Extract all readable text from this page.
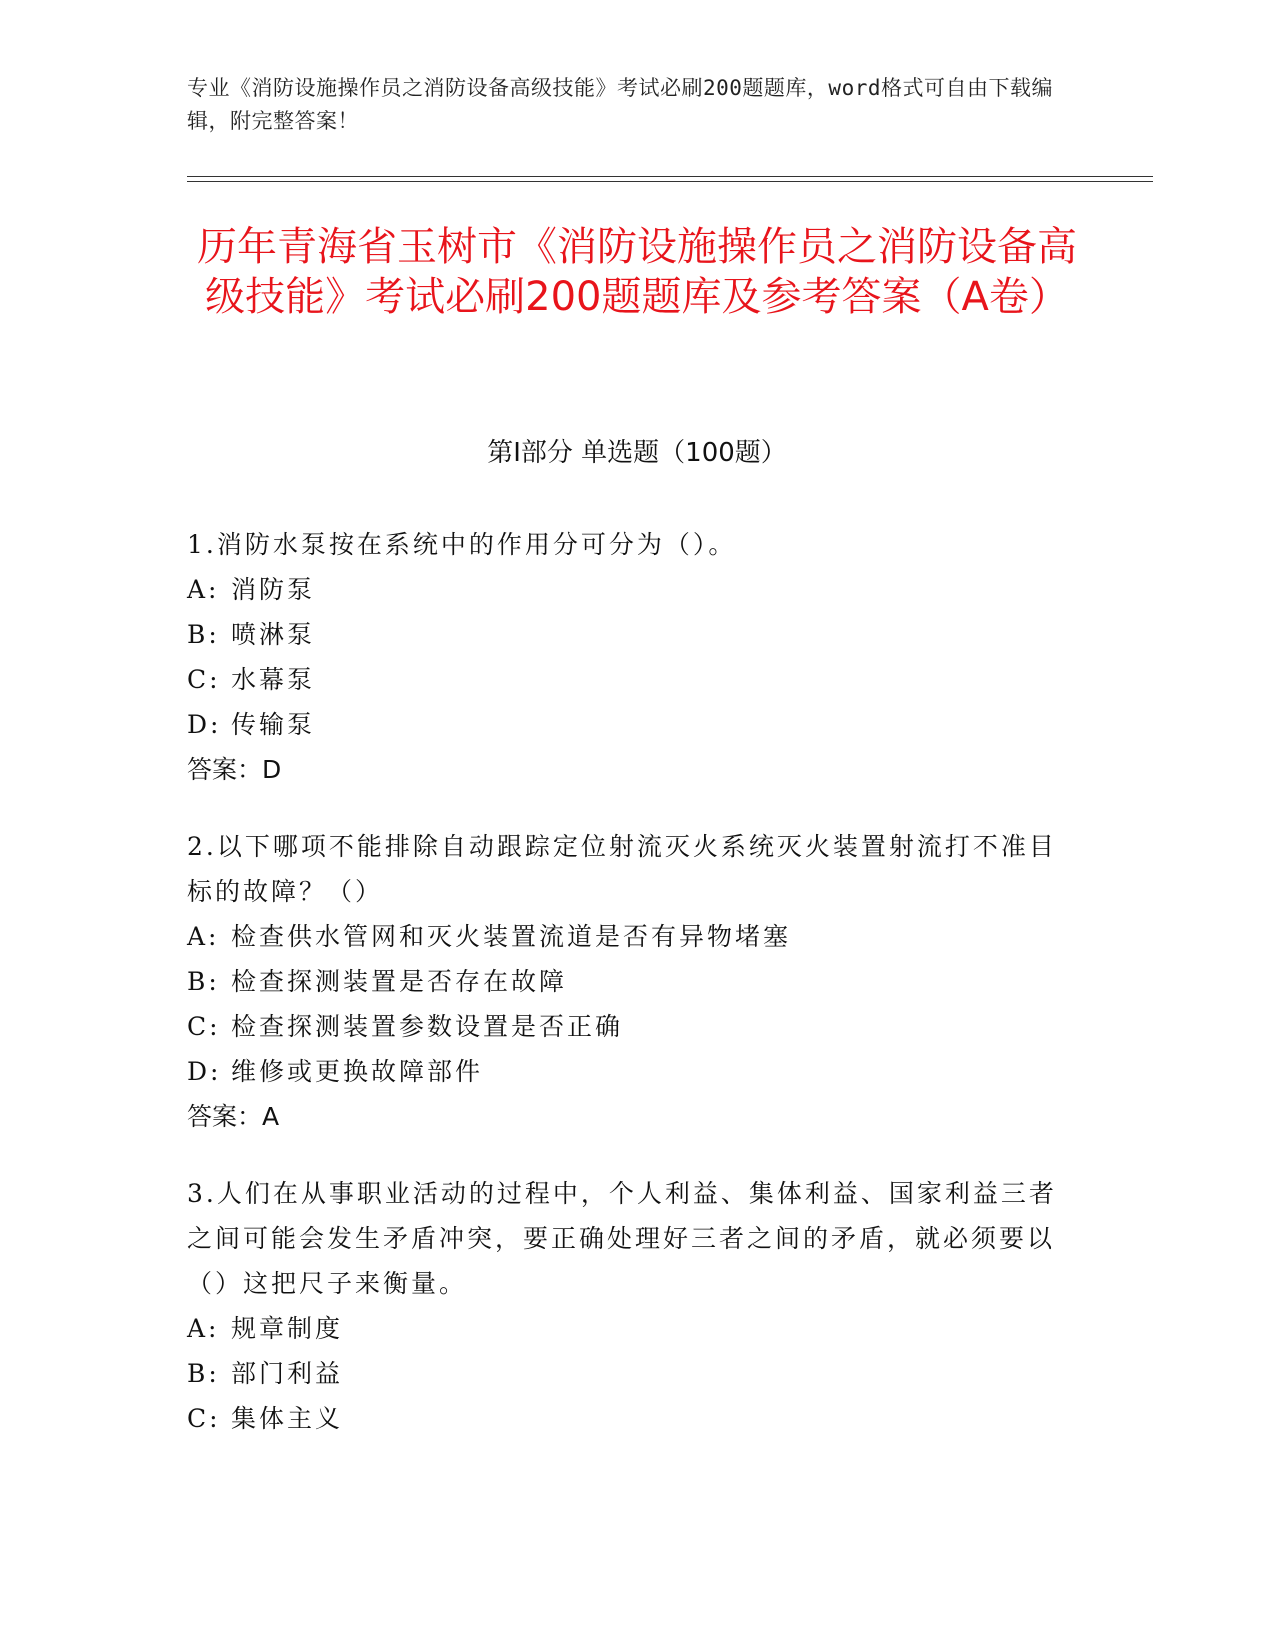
专业《消防设施操作员之消防设备高级技能》考试必刷200题题库，word格式可自由下载编辑，附完整答案！
历年青海省玉树市《消防设施操作员之消防设备高级技能》考试必刷200题题库及参考答案（A卷）
第I部分 单选题（100题）
1.消防水泵按在系统中的作用分可分为（）。
A: 消防泵
B: 喷淋泵
C: 水幕泵
D: 传输泵
答案：D
2.以下哪项不能排除自动跟踪定位射流灭火系统灭火装置射流打不准目标的故障？（）
A: 检查供水管网和灭火装置流道是否有异物堵塞
B: 检查探测装置是否存在故障
C: 检查探测装置参数设置是否正确
D: 维修或更换故障部件
答案：A
3.人们在从事职业活动的过程中，个人利益、集体利益、国家利益三者之间可能会发生矛盾冲突，要正确处理好三者之间的矛盾，就必须要以（）这把尺子来衡量。
A: 规章制度
B: 部门利益
C: 集体主义
